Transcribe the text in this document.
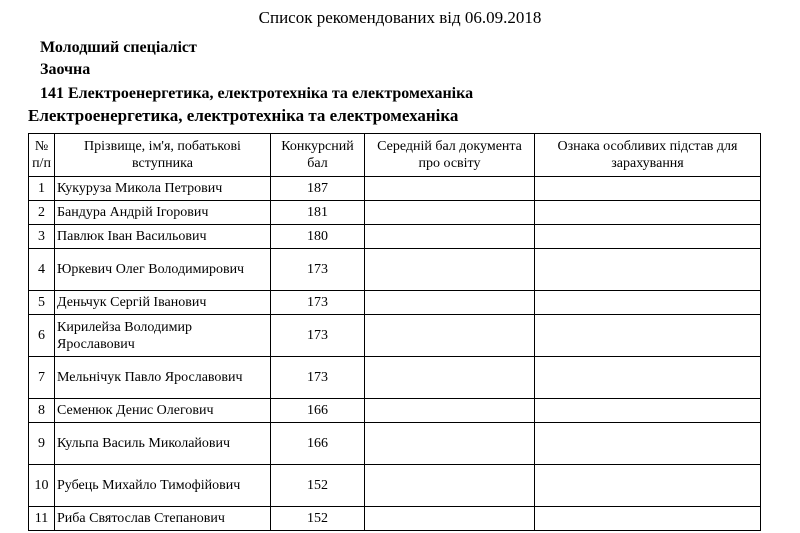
Список рекомендованих від 06.09.2018
Молодший спеціаліст
Заочна
141 Електроенергетика, електротехніка та електромеханіка
Електроенергетика, електротехніка та електромеханіка
№ п/п	Прізвище, ім'я, побатькові вступника	Конкурсний бал	Середній бал документа про освіту	Ознака особливих підстав для зарахування
1	Кукуруза Микола Петрович	187		
2	Бандура Андрій Ігорович	181		
3	Павлюк Іван Васильович	180		
4	Юркевич Олег Володимирович	173		
5	Деньчук Сергій Іванович	173		
6	Кирилейза Володимир Ярославович	173		
7	Мельнічук Павло Ярославович	173		
8	Семенюк Денис Олегович	166		
9	Кульпа Василь Миколайович	166		
10	Рубець Михайло Тимофійович	152		
11	Риба Святослав Степанович	152		
